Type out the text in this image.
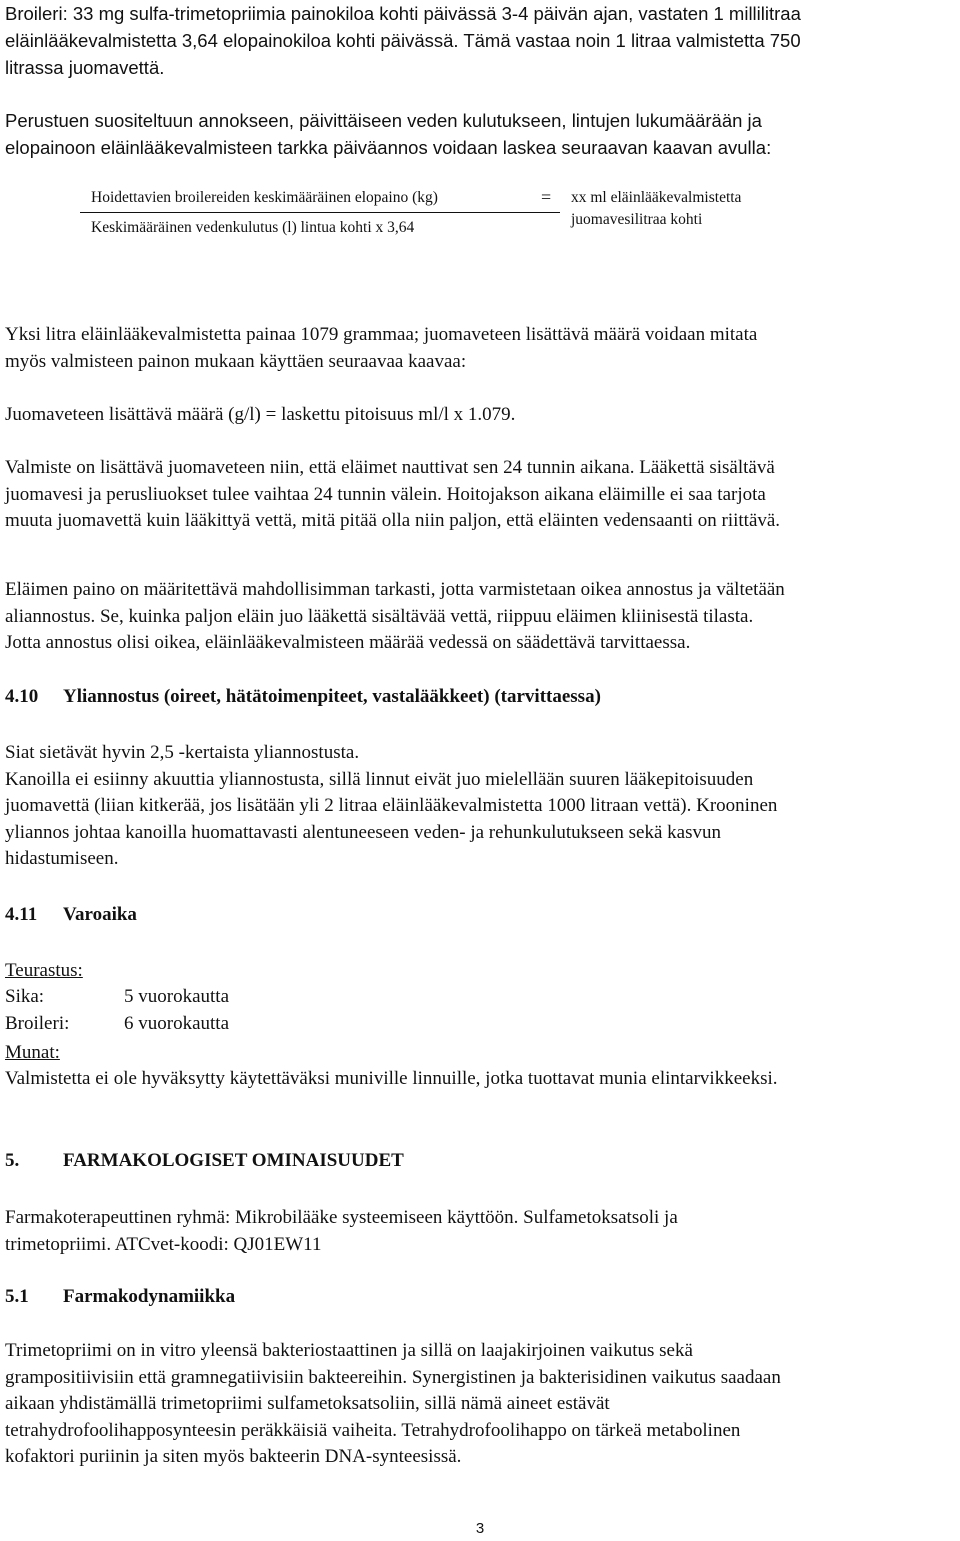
Broileri: 33 mg sulfa-trimetopriimia painokiloa kohti päivässä 3-4 päivän ajan, vastaten 1 millilitraa
eläinlääkevalmistetta 3,64 elopainokiloa kohti päivässä. Tämä vastaa noin 1 litraa valmistetta 750
litrassa juomavettä.
Perustuen suositeltuun annokseen, päivittäiseen veden kulutukseen, lintujen lukumäärään ja
elopainoon eläinlääkevalmisteen tarkka päiväannos voidaan laskea seuraavan kaavan avulla:
Hoidettavien broilereiden keskimääräinen elopaino (kg)
Keskimääräinen vedenkulutus (l) lintua kohti x 3,64
= xx ml eläinlääkevalmistetta
juomavesilitraa kohti
Yksi litra eläinlääkevalmistetta painaa 1079 grammaa; juomaveteen lisättävä määrä voidaan mitata
myös valmisteen painon mukaan käyttäen seuraavaa kaavaa:
Juomaveteen lisättävä määrä (g/l) = laskettu pitoisuus ml/l x 1.079.
Valmiste on lisättävä juomaveteen niin, että eläimet nauttivat sen 24 tunnin aikana. Lääkettä sisältävä
juomavesi ja perusliuokset tulee vaihtaa 24 tunnin välein. Hoitojakson aikana eläimille ei saa tarjota
muuta juomavettä kuin lääkittyä vettä, mitä pitää olla niin paljon, että eläinten vedensaanti on riittävä.
Eläimen paino on määritettävä mahdollisimman tarkasti, jotta varmistetaan oikea annostus ja vältetään
aliannostus. Se, kuinka paljon eläin juo lääkettä sisältävää vettä, riippuu eläimen kliinisestä tilasta.
Jotta annostus olisi oikea, eläinlääkevalmisteen määrää vedessä on säädettävä tarvittaessa.
4.10 Yliannostus (oireet, hätätoimenpiteet, vastalääkkeet) (tarvittaessa)
Siat sietävät hyvin 2,5 -kertaista yliannostusta.
Kanoilla ei esiinny akuuttia yliannostusta, sillä linnut eivät juo mielellään suuren lääkepitoisuuden
juomavettä (liian kitkerää, jos lisätään yli 2 litraa eläinlääkevalmistetta 1000 litraan vettä). Krooninen
yliannos johtaa kanoilla huomattavasti alentuneeseen veden- ja rehunkulutukseen sekä kasvun
hidastumiseen.
4.11 Varoaika
Teurastus:
Sika:	5 vuorokautta
Broileri:	6 vuorokautta
Munat:
Valmistetta ei ole hyväksytty käytettäväksi muniville linnuille, jotka tuottavat munia elintarvikkeeksi.
5. FARMAKOLOGISET OMINAISUUDET
Farmakoterapeuttinen ryhmä: Mikrobilääke systeemiseen käyttöön. Sulfametoksatsoli ja
trimetopriimi. ATCvet-koodi: QJ01EW11
5.1 Farmakodynamiikka
Trimetopriimi on in vitro yleensä bakteriostaattinen ja sillä on laajakirjoinen vaikutus sekä
grampositiivisiin että gramnegatiivisiin bakteereihin. Synergistinen ja bakterisidinen vaikutus saadaan
aikaan yhdistämällä trimetopriimi sulfametoksatsoliin, sillä nämä aineet estävät
tetrahydrofoolihapposynteesin peräkkäisiä vaiheita. Tetrahydrofoolihappo on tärkeä metabolinen
kofaktori puriinin ja siten myös bakteerin DNA-synteesissä.
3
